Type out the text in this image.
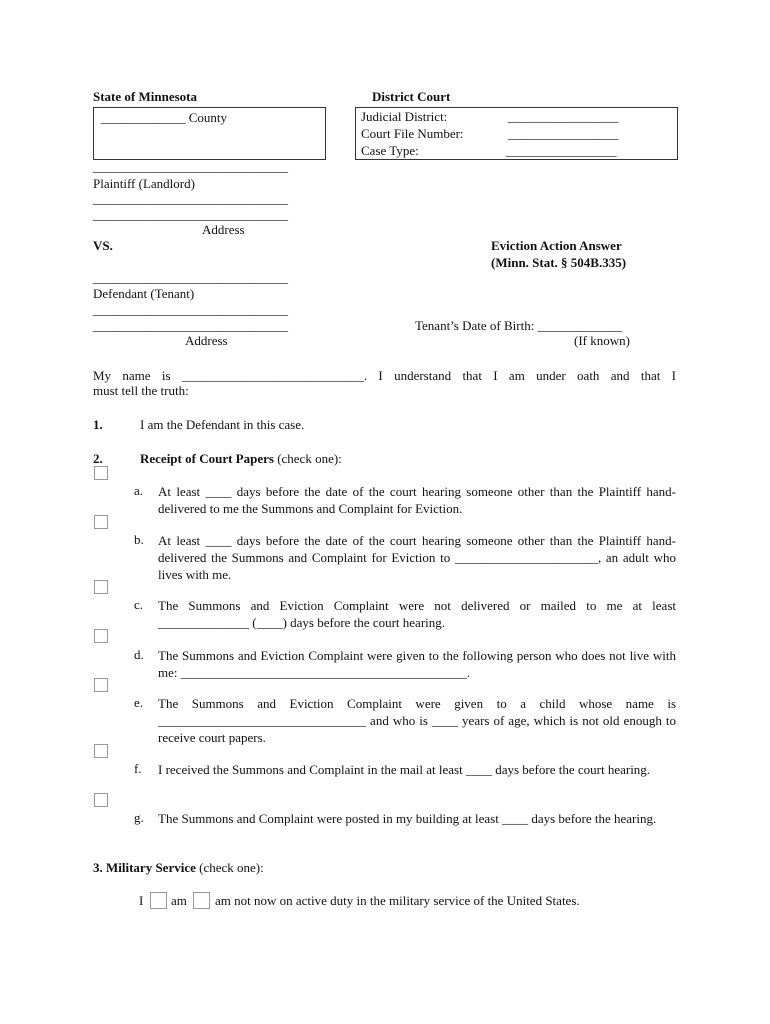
State of Minnesota	District Court
_____________ County	Judicial District:	_________________
Court File Number:	_________________
Case Type:	_________________
______________________________
Plaintiff (Landlord)
______________________________
______________________________
Address
VS.	Eviction Action Answer
(Minn. Stat. § 504B.335)
______________________________
Defendant (Tenant)
______________________________
______________________________
Address
Tenant’s Date of Birth: _____________
(If known)
My name is ____________________________. I understand that I am under oath and that I
must tell the truth:
1.	I am the Defendant in this case.
2.	Receipt of Court Papers (check one):
a. At least ____ days before the date of the court hearing someone other than the Plaintiff hand-delivered to me the Summons and Complaint for Eviction.
b. At least ____ days before the date of the court hearing someone other than the Plaintiff hand-delivered the Summons and Complaint for Eviction to ______________________, an adult who lives with me.
c. The Summons and Eviction Complaint were not delivered or mailed to me at least ______________ (____) days before the court hearing.
d. The Summons and Eviction Complaint were given to the following person who does not live with me: ____________________________________________.
e. The Summons and Eviction Complaint were given to a child whose name is ________________________________ and who is ____ years of age, which is not old enough to receive court papers.
f. I received the Summons and Complaint in the mail at least ____ days before the court hearing.
g. The Summons and Complaint were posted in my building at least ____ days before the hearing.
3. Military Service (check one):
I am am not now on active duty in the military service of the United States.
